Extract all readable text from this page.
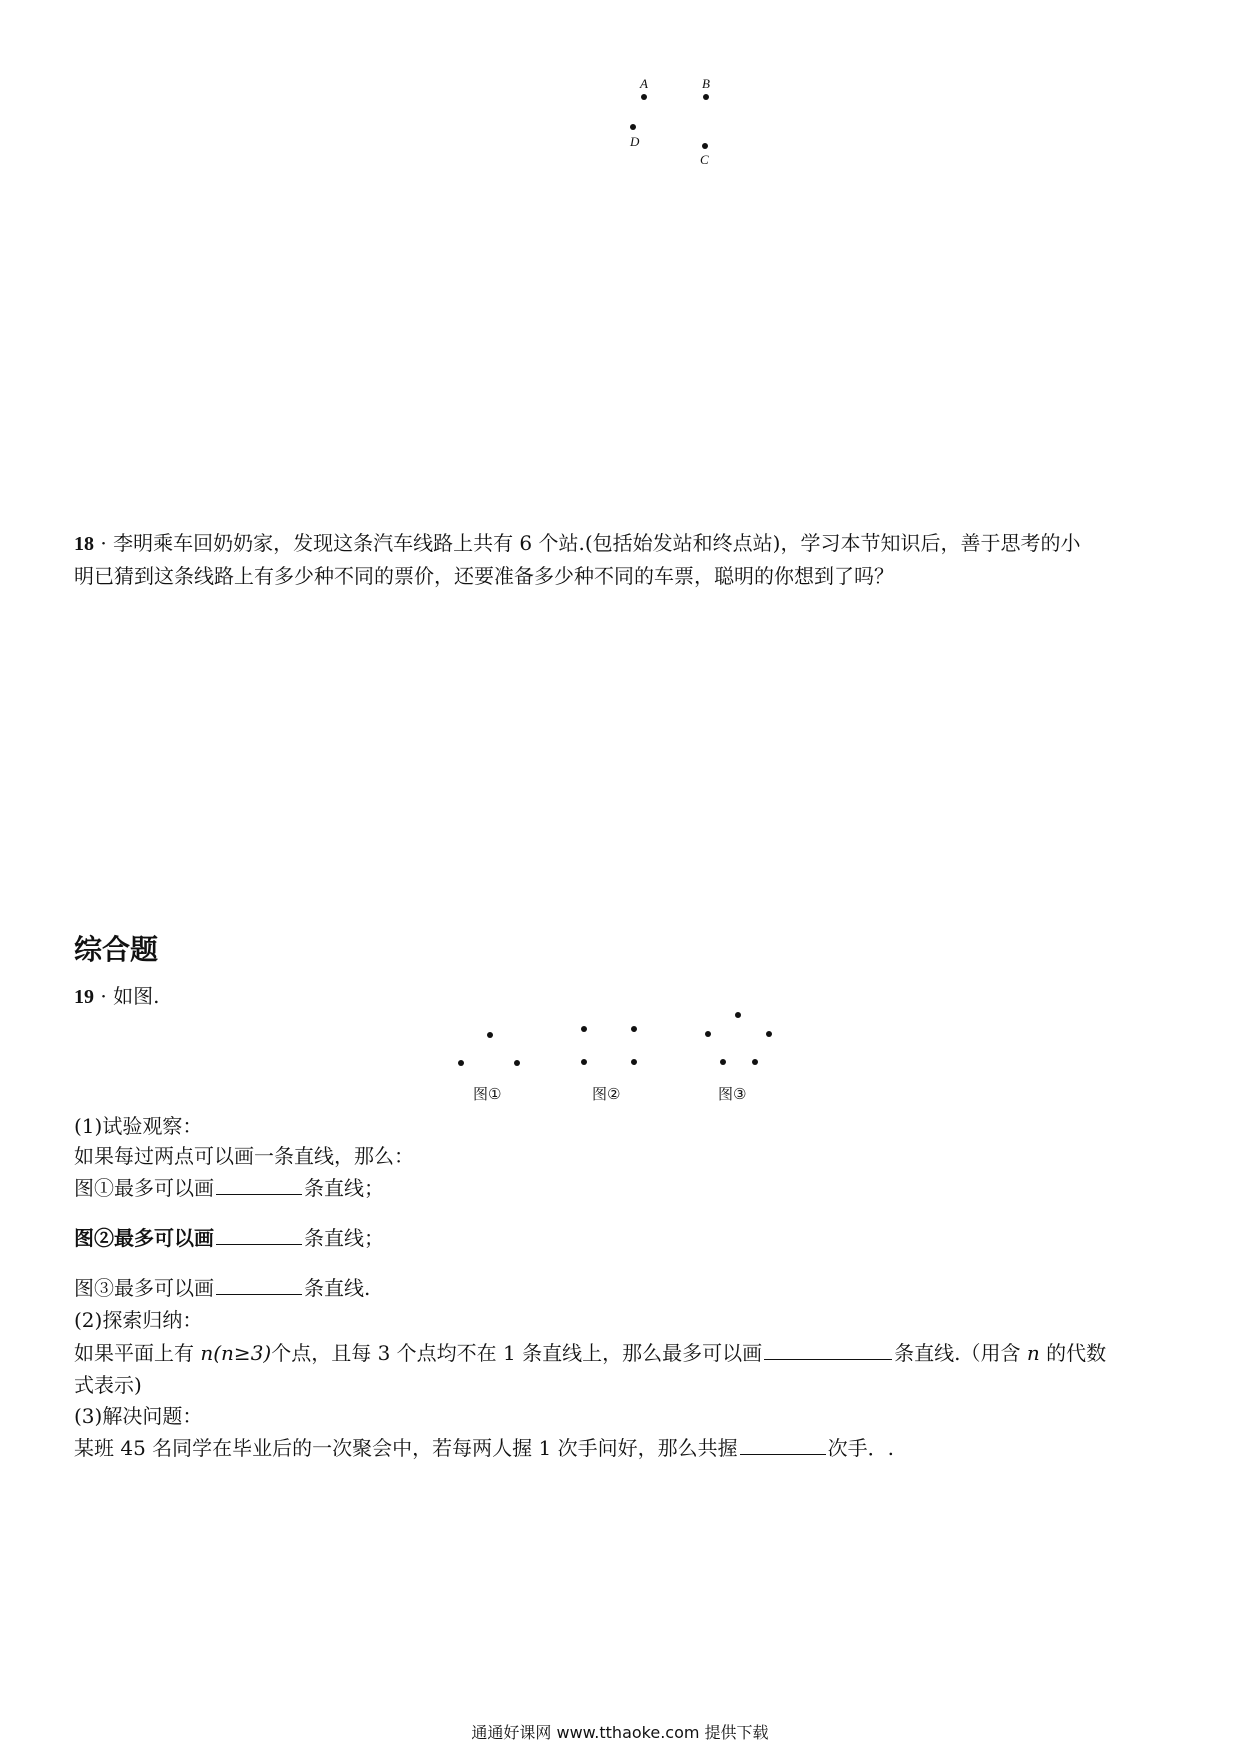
A	B
D
C
18 · 李明乘车回奶奶家，发现这条汽车线路上共有 6 个站.(包括始发站和终点站)，学习本节知识后，善于思考的小
明已猜到这条线路上有多少种不同的票价，还要准备多少种不同的车票，聪明的你想到了吗？
综合题
19 · 如图.
图①	图②	图③
(1)试验观察：
如果每过两点可以画一条直线，那么：
图①最多可以画	条直线；
图②最多可以画	条直线；
图③最多可以画	条直线.
(2)探索归纳：
如果平面上有 n(n≥3)个点，且每 3 个点均不在 1 条直线上，那么最多可以画	条直线.（用含 n 的代数
式表示)
(3)解决问题：
某班 45 名同学在毕业后的一次聚会中，若每两人握 1 次手问好，那么共握	次手．.
通通好课网 www.tthaoke.com 提供下载
